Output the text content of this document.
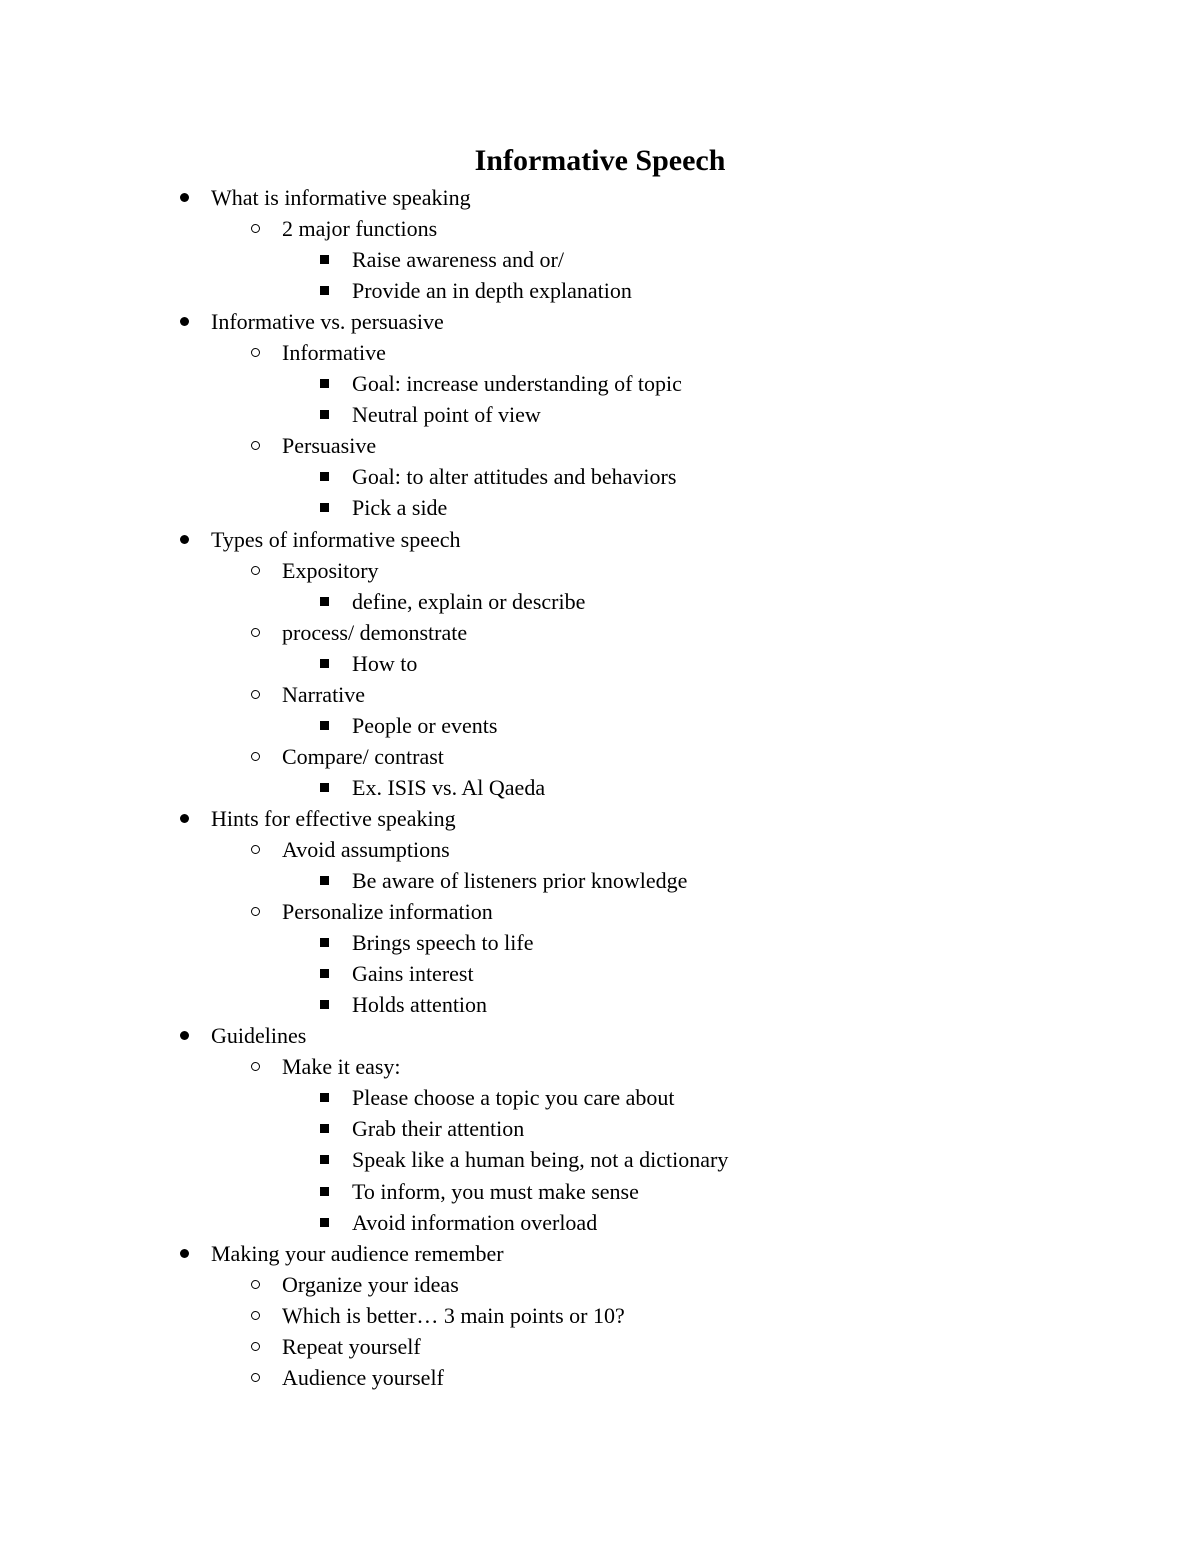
Informative Speech
What is informative speaking
2 major functions
Raise awareness and or/
Provide an in depth explanation
Informative vs. persuasive
Informative
Goal: increase understanding of topic
Neutral point of view
Persuasive
Goal: to alter attitudes and behaviors
Pick a side
Types of informative speech
Expository
define, explain or describe
process/ demonstrate
How to
Narrative
People or events
Compare/ contrast
Ex. ISIS vs. Al Qaeda
Hints for effective speaking
Avoid assumptions
Be aware of listeners prior knowledge
Personalize information
Brings speech to life
Gains interest
Holds attention
Guidelines
Make it easy:
Please choose a topic you care about
Grab their attention
Speak like a human being, not a dictionary
To inform, you must make sense
Avoid information overload
Making your audience remember
Organize your ideas
Which is better… 3 main points or 10?
Repeat yourself
Audience yourself
